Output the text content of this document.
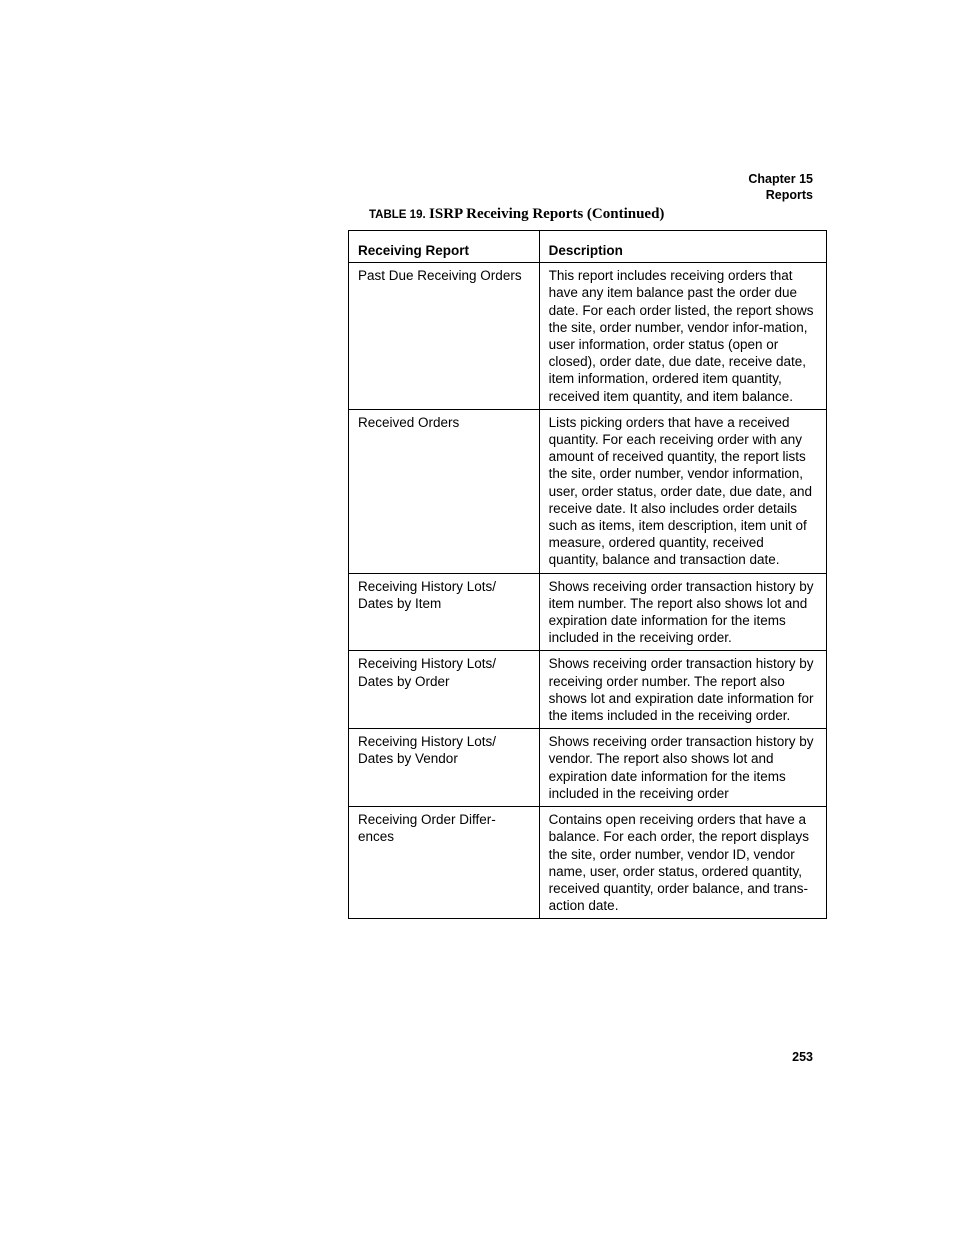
Chapter 15
Reports
TABLE 19. ISRP Receiving Reports (Continued)
Receiving Report	Description
Past Due Receiving Orders	This report includes receiving orders that have any item balance past the order due date. For each order listed, the report shows the site, order number, vendor infor-mation, user information, order status (open or closed), order date, due date, receive date, item information, ordered item quantity, received item quantity, and item balance.
Received Orders	Lists picking orders that have a received quantity. For each receiving order with any amount of received quantity, the report lists the site, order number, vendor information, user, order status, order date, due date, and receive date. It also includes order details such as items, item description, item unit of measure, ordered quantity, received quantity, balance and transaction date.
Receiving History Lots/ Dates by Item	Shows receiving order transaction history by item number. The report also shows lot and expiration date information for the items included in the receiving order.
Receiving History Lots/ Dates by Order	Shows receiving order transaction history by receiving order number. The report also shows lot and expiration date information for the items included in the receiving order.
Receiving History Lots/ Dates by Vendor	Shows receiving order transaction history by vendor. The report also shows lot and expiration date information for the items included in the receiving order
Receiving Order Differ-ences	Contains open receiving orders that have a balance. For each order, the report displays the site, order number, vendor ID, vendor name, user, order status, ordered quantity, received quantity, order balance, and trans-action date.
253
